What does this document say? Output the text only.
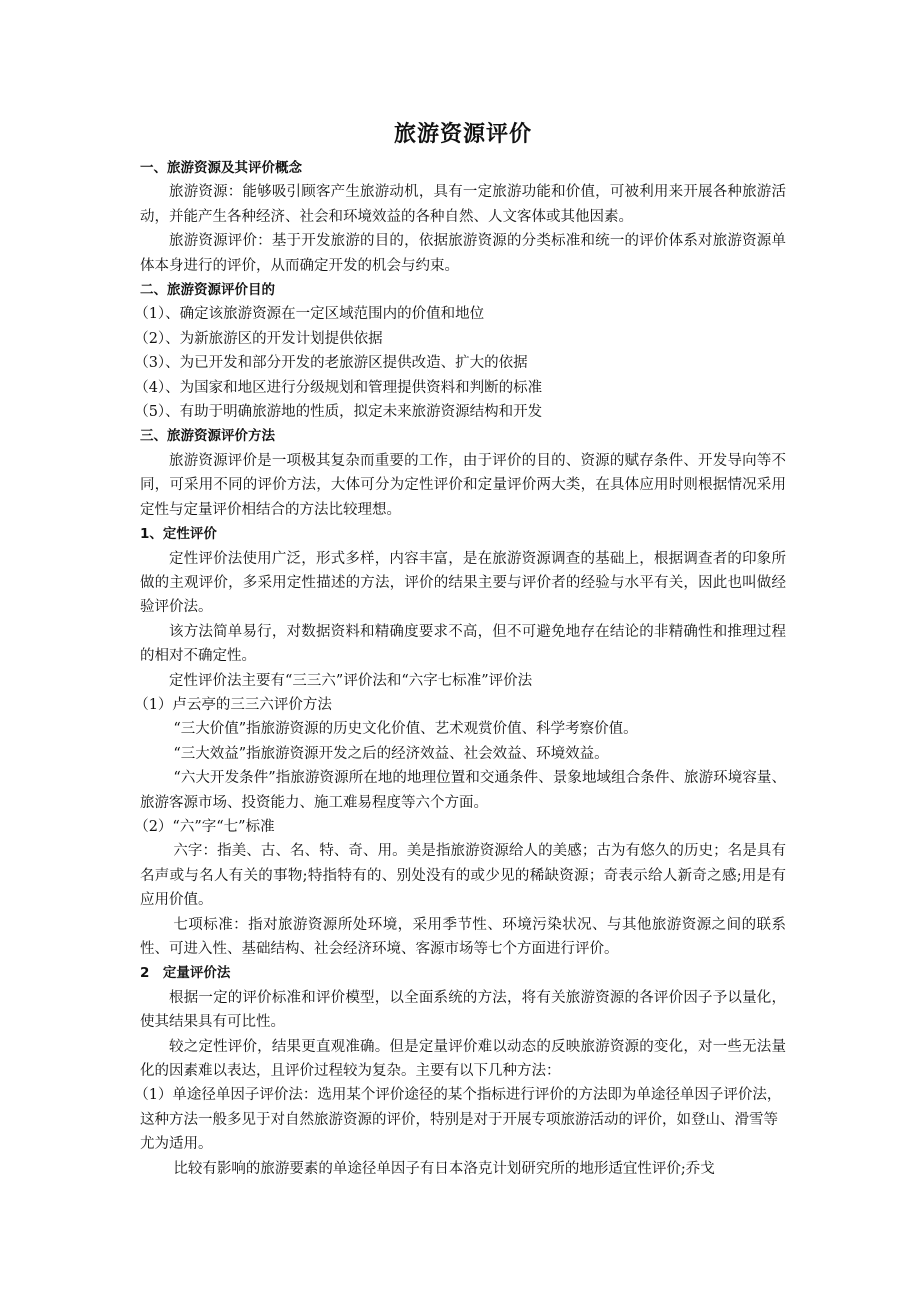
旅游资源评价
一、旅游资源及其评价概念

旅游资源：能够吸引顾客产生旅游动机，具有一定旅游功能和价值，可被利用来开展各种旅游活动，并能产生各种经济、社会和环境效益的各种自然、人文客体或其他因素。

旅游资源评价：基于开发旅游的目的，依据旅游资源的分类标准和统一的评价体系对旅游资源单体本身进行的评价，从而确定开发的机会与约束。

二、旅游资源评价目的

（1）、确定该旅游资源在一定区域范围内的价值和地位

（2）、为新旅游区的开发计划提供依据

（3）、为已开发和部分开发的老旅游区提供改造、扩大的依据

（4）、为国家和地区进行分级规划和管理提供资料和判断的标准

（5）、有助于明确旅游地的性质，拟定未来旅游资源结构和开发

三、旅游资源评价方法

旅游资源评价是一项极其复杂而重要的工作，由于评价的目的、资源的赋存条件、开发导向等不同，可采用不同的评价方法，大体可分为定性评价和定量评价两大类，在具体应用时则根据情况采用定性与定量评价相结合的方法比较理想。

1、定性评价

定性评价法使用广泛，形式多样，内容丰富，是在旅游资源调查的基础上，根据调查者的印象所做的主观评价，多采用定性描述的方法，评价的结果主要与评价者的经验与水平有关，因此也叫做经验评价法。

该方法简单易行，对数据资料和精确度要求不高，但不可避免地存在结论的非精确性和推理过程的相对不确定性。

定性评价法主要有“三三六”评价法和“六字七标准”评价法

（1）卢云亭的三三六评价方法

“三大价值”指旅游资源的历史文化价值、艺术观赏价值、科学考察价值。

“三大效益”指旅游资源开发之后的经济效益、社会效益、环境效益。

“六大开发条件”指旅游资源所在地的地理位置和交通条件、景象地域组合条件、旅游环境容量、旅游客源市场、投资能力、施工难易程度等六个方面。

（2）“六”字“七”标准

六字：指美、古、名、特、奇、用。美是指旅游资源给人的美感；古为有悠久的历史；名是具有名声或与名人有关的事物;特指特有的、别处没有的或少见的稀缺资源；奇表示给人新奇之感;用是有应用价值。

七项标准：指对旅游资源所处环境，采用季节性、环境污染状况、与其他旅游资源之间的联系性、可进入性、基础结构、社会经济环境、客源市场等七个方面进行评价。

2　定量评价法

根据一定的评价标准和评价模型，以全面系统的方法，将有关旅游资源的各评价因子予以量化，使其结果具有可比性。

较之定性评价，结果更直观准确。但是定量评价难以动态的反映旅游资源的变化，对一些无法量化的因素难以表达，且评价过程较为复杂。主要有以下几种方法：

（1）单途径单因子评价法：选用某个评价途径的某个指标进行评价的方法即为单途径单因子评价法，这种方法一般多见于对自然旅游资源的评价，特别是对于开展专项旅游活动的评价，如登山、滑雪等尤为适用。

比较有影响的旅游要素的单途径单因子有日本洛克计划研究所的地形适宜性评价;乔戈
